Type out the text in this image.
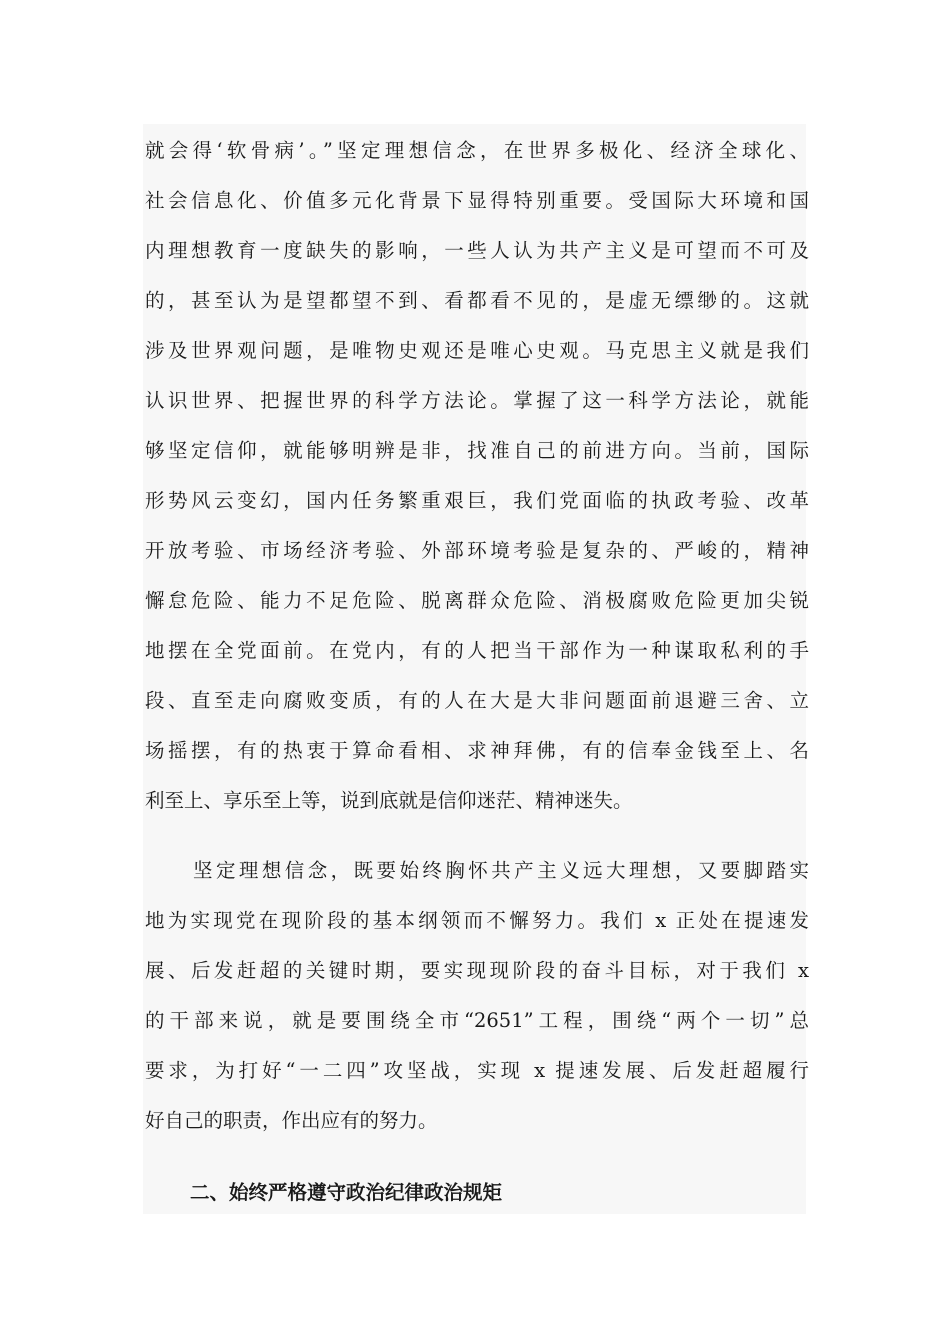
就会得‘软骨病’。”坚定理想信念，在世界多极化、经济全球化、
社会信息化、价值多元化背景下显得特别重要。受国际大环境和国
内理想教育一度缺失的影响，一些人认为共产主义是可望而不可及
的，甚至认为是望都望不到、看都看不见的，是虚无缥缈的。这就
涉及世界观问题，是唯物史观还是唯心史观。马克思主义就是我们
认识世界、把握世界的科学方法论。掌握了这一科学方法论，就能
够坚定信仰，就能够明辨是非，找准自己的前进方向。当前，国际
形势风云变幻，国内任务繁重艰巨，我们党面临的执政考验、改革
开放考验、市场经济考验、外部环境考验是复杂的、严峻的，精神
懈怠危险、能力不足危险、脱离群众危险、消极腐败危险更加尖锐
地摆在全党面前。在党内，有的人把当干部作为一种谋取私利的手
段、直至走向腐败变质，有的人在大是大非问题面前退避三舍、立
场摇摆，有的热衷于算命看相、求神拜佛，有的信奉金钱至上、名
利至上、享乐至上等，说到底就是信仰迷茫、精神迷失。
坚定理想信念，既要始终胸怀共产主义远大理想，又要脚踏实
地为实现党在现阶段的基本纲领而不懈努力。我们 x 正处在提速发
展、后发赶超的关键时期，要实现现阶段的奋斗目标，对于我们 x
的干部来说，就是要围绕全市“2651”工程，围绕“两个一切”总
要求，为打好“一二四”攻坚战，实现 x 提速发展、后发赶超履行
好自己的职责，作出应有的努力。
二、始终严格遵守政治纪律政治规矩
